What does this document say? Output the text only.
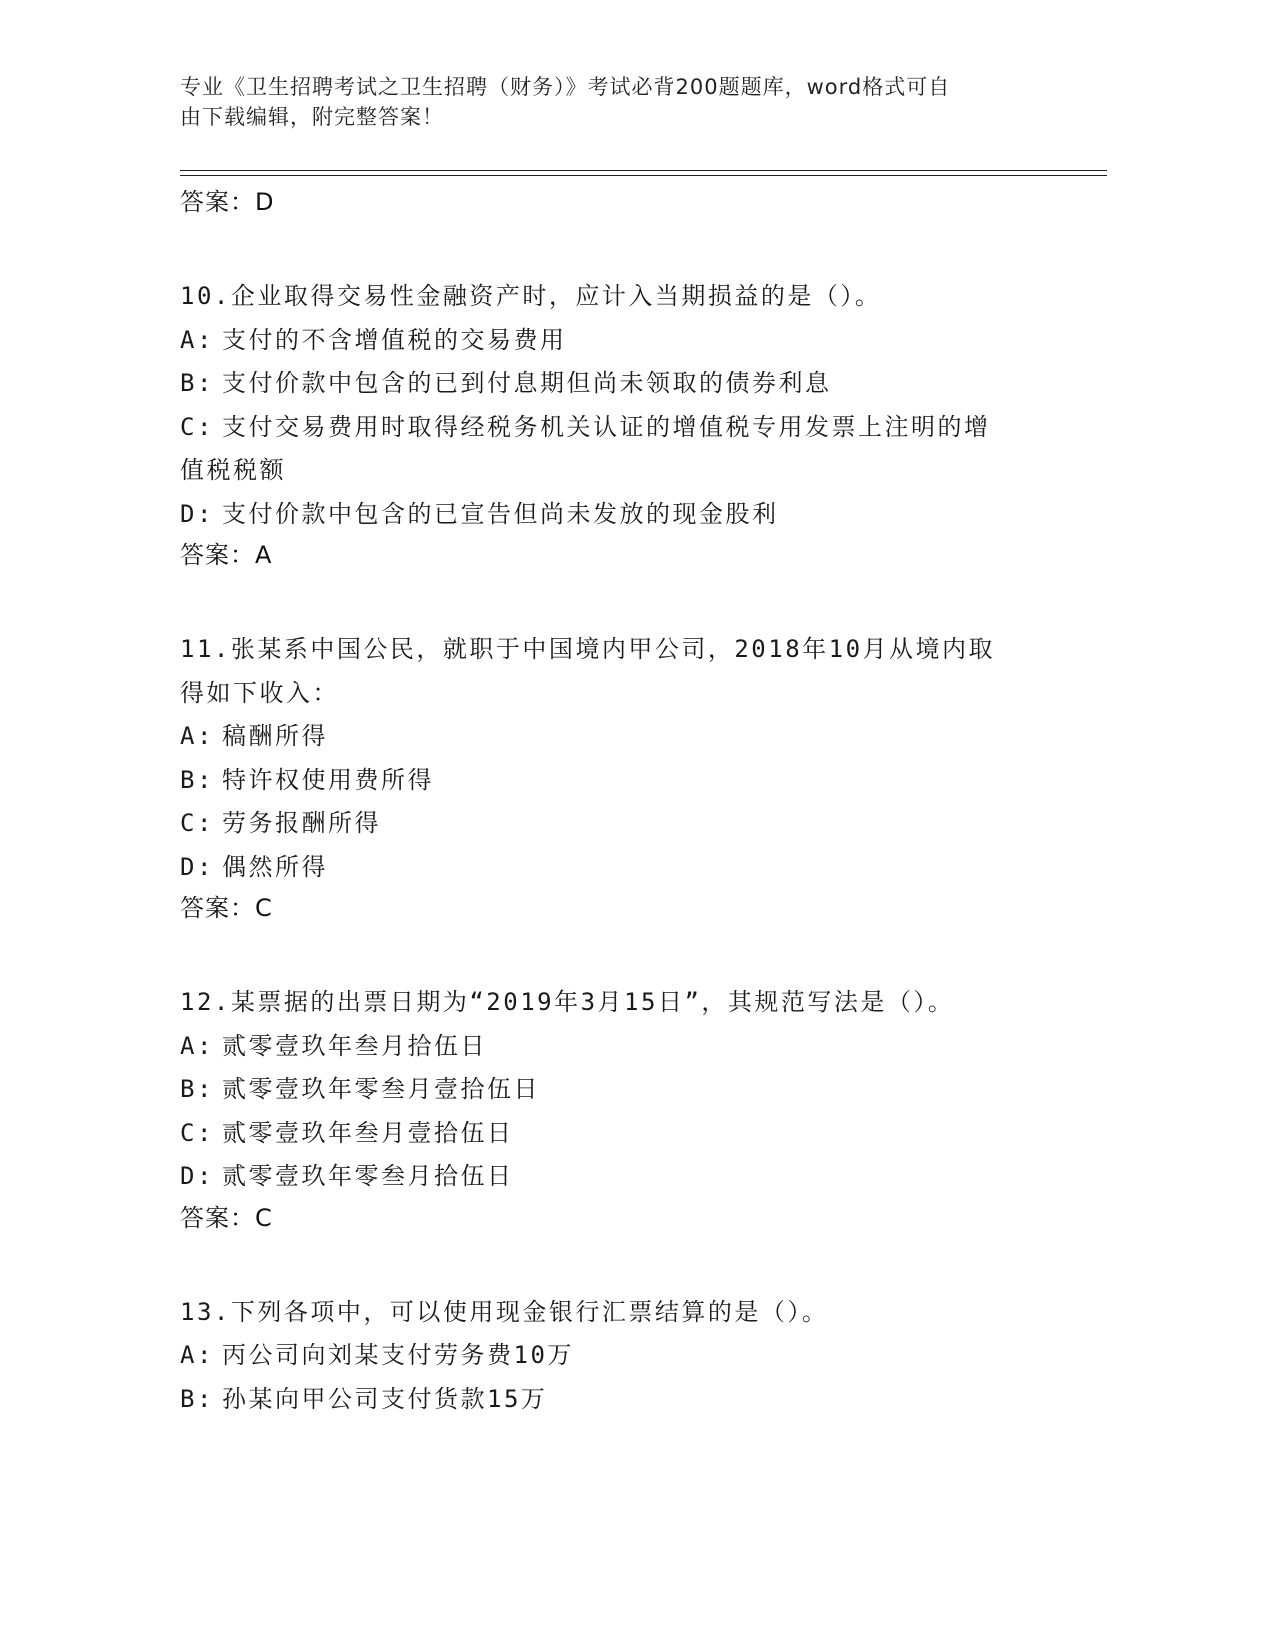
专业《卫生招聘考试之卫生招聘（财务）》考试必背200题题库，word格式可自
由下载编辑，附完整答案！
答案：D
10.企业取得交易性金融资产时，应计入当期损益的是（）。
A: 支付的不含增值税的交易费用
B: 支付价款中包含的已到付息期但尚未领取的债券利息
C: 支付交易费用时取得经税务机关认证的增值税专用发票上注明的增
值税税额
D: 支付价款中包含的已宣告但尚未发放的现金股利
答案：A
11.张某系中国公民，就职于中国境内甲公司，2018年10月从境内取
得如下收入：
A: 稿酬所得
B: 特许权使用费所得
C: 劳务报酬所得
D: 偶然所得
答案：C
12.某票据的出票日期为“2019年3月15日”，其规范写法是（）。
A: 贰零壹玖年叁月拾伍日
B: 贰零壹玖年零叁月壹拾伍日
C: 贰零壹玖年叁月壹拾伍日
D: 贰零壹玖年零叁月拾伍日
答案：C
13.下列各项中，可以使用现金银行汇票结算的是（）。
A: 丙公司向刘某支付劳务费10万
B: 孙某向甲公司支付货款15万
